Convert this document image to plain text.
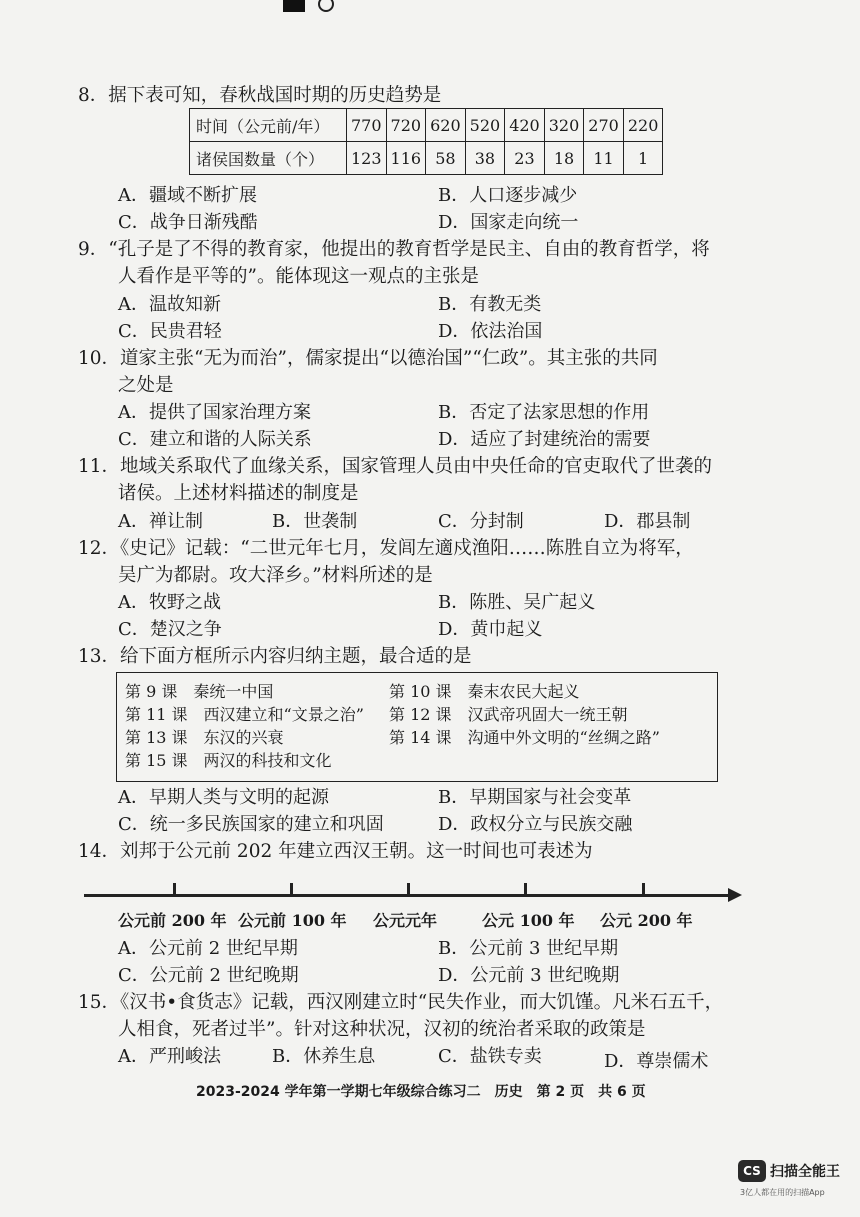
8．据下表可知，春秋战国时期的历史趋势是
时间（公元前/年）	770	720	620	520	420	320	270	220
诸侯国数量（个）	123	116	58	38	23	18	11	1
A．疆域不断扩展	B．人口逐步减少
C．战争日渐残酷	D．国家走向统一
9．“孔子是了不得的教育家，他提出的教育哲学是民主、自由的教育哲学，将
人看作是平等的”。能体现这一观点的主张是
A．温故知新	B．有教无类
C．民贵君轻	D．依法治国
10．道家主张“无为而治”，儒家提出“以德治国”“仁政”。其主张的共同
之处是
A．提供了国家治理方案	B．否定了法家思想的作用
C．建立和谐的人际关系	D．适应了封建统治的需要
11．地域关系取代了血缘关系，国家管理人员由中央任命的官吏取代了世袭的
诸侯。上述材料描述的制度是
A．禅让制	B．世袭制	C．分封制	D．郡县制
12．《史记》记载：“二世元年七月，发闾左適戍渔阳……陈胜自立为将军，
吴广为都尉。攻大泽乡。”材料所述的是
A．牧野之战	B．陈胜、吴广起义
C．楚汉之争	D．黄巾起义
13．给下面方框所示内容归纳主题，最合适的是
第 9 课　秦统一中国	第 10 课　秦末农民大起义
第 11 课　西汉建立和“文景之治” 第 12 课　汉武帝巩固大一统王朝
第 13 课　东汉的兴衰	第 14 课　沟通中外文明的“丝绸之路”
第 15 课　两汉的科技和文化
A．早期人类与文明的起源	B．早期国家与社会变革
C．统一多民族国家的建立和巩固	D．政权分立与民族交融
14．刘邦于公元前 202 年建立西汉王朝。这一时间也可表述为
公元前 200 年 公元前 100 年 公元元年	公元 100 年 公元 200 年
A．公元前 2 世纪早期	B．公元前 3 世纪早期
C．公元前 2 世纪晚期	D．公元前 3 世纪晚期
15．《汉书•食货志》记载，西汉刚建立时“民失作业，而大饥馑。凡米石五千，
人相食，死者过半”。针对这种状况，汉初的统治者采取的政策是
A．严刑峻法	B．休养生息	C．盐铁专卖	D．尊崇儒术
2023-2024 学年第一学期七年级综合练习二　历史　第 2 页　共 6 页
CS 扫描全能王
3亿人都在用的扫描App
